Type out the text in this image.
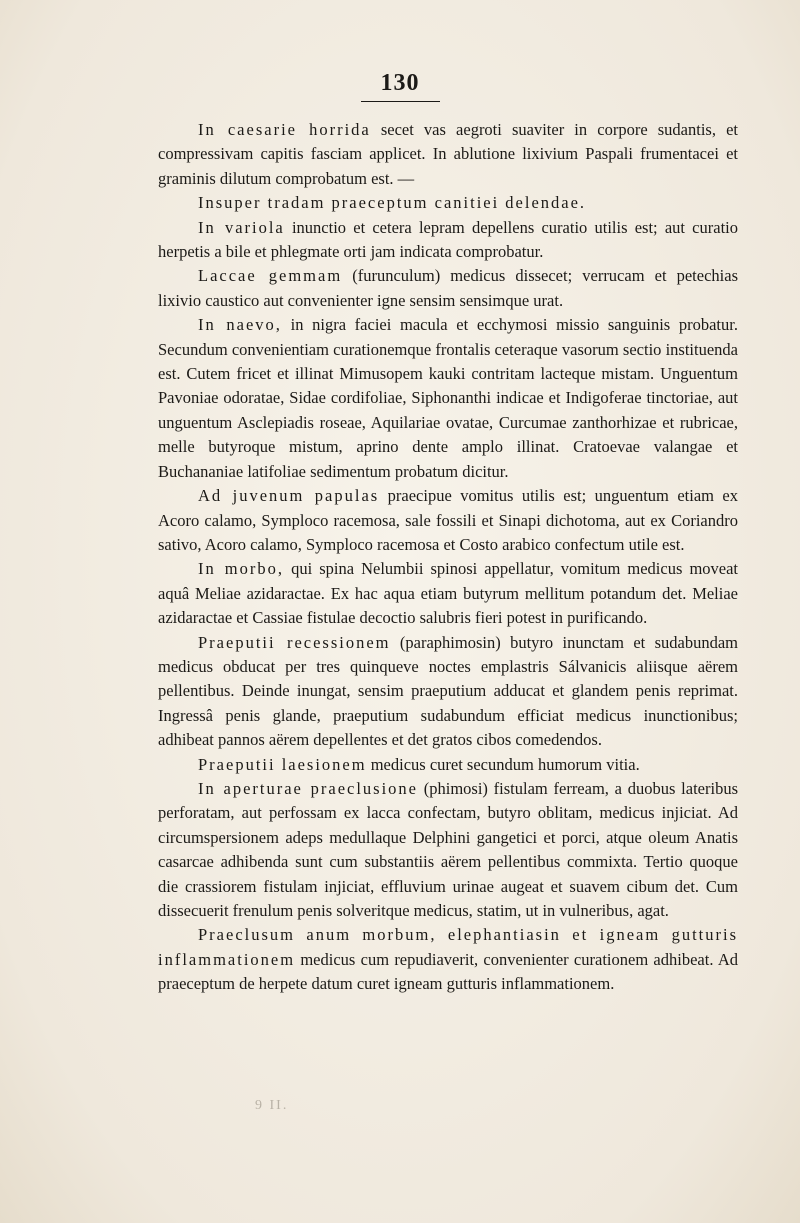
130

In caesarie horrida secet vas aegroti suaviter in corpore sudantis, et compressivam capitis fasciam applicet. In ablutione lixivium Paspali frumentacei et graminis dilutum comprobatum est. —

Insuper tradam praeceptum canitiei delendae.

In variola inunctio et cetera lepram depellens curatio utilis est; aut curatio herpetis a bile et phlegmate orti jam indicata comprobatur.

Laccae gemmam (furunculum) medicus dissecet; verrucam et petechias lixivio caustico aut convenienter igne sensim sensimque urat.

In naevo, in nigra faciei macula et ecchymosi missio sanguinis probatur. Secundum convenientiam curationemque frontalis ceteraque vasorum sectio instituenda est. Cutem fricet et illinat Mimusopem kauki contritam lacteque mistam. Unguentum Pavoniae odoratae, Sidae cordifoliae, Siphonanthi indicae et Indigoferae tinctoriae, aut unguentum Asclepiadis roseae, Aquilariae ovatae, Curcumae zanthorhizae et rubricae, melle butyroque mistum, aprino dente amplo illinat. Cratoevae valangae et Buchananiae latifoliae sedimentum probatum dicitur.

Ad juvenum papulas praecipue vomitus utilis est; unguentum etiam ex Acoro calamo, Symploco racemosa, sale fossili et Sinapi dichotoma, aut ex Coriandro sativo, Acoro calamo, Symploco racemosa et Costo arabico confectum utile est.

In morbo, qui spina Nelumbii spinosi appellatur, vomitum medicus moveat aquâ Meliae azidaractae. Ex hac aqua etiam butyrum mellitum potandum det. Meliae azidaractae et Cassiae fistulae decoctio salubris fieri potest in purificando.

Praeputii recessionem (paraphimosin) butyro inunctam et sudabundam medicus obducat per tres quinqueve noctes emplastris Sálvanicis aliisque aërem pellentibus. Deinde inungat, sensim praeputium adducat et glandem penis reprimat. Ingressâ penis glande, praeputium sudabundum efficiat medicus inunctionibus; adhibeat pannos aërem depellentes et det gratos cibos comedendos.

Praeputii laesionem medicus curet secundum humorum vitia.

In aperturae praeclusione (phimosi) fistulam ferream, a duobus lateribus perforatam, aut perfossam ex lacca confectam, butyro oblitam, medicus injiciat. Ad circumspersionem adeps medullaque Delphini gangetici et porci, atque oleum Anatis casarcae adhibenda sunt cum substantiis aërem pellentibus commixta. Tertio quoque die crassiorem fistulam injiciat, effluvium urinae augeat et suavem cibum det. Cum dissecuerit frenulum penis solveritque medicus, statim, ut in vulneribus, agat.

Praeclusum anum morbum, elephantiasin et igneam gutturis inflammationem medicus cum repudiaverit, convenienter curationem adhibeat. Ad praeceptum de herpete datum curet igneam gutturis inflammationem.

9 II.
